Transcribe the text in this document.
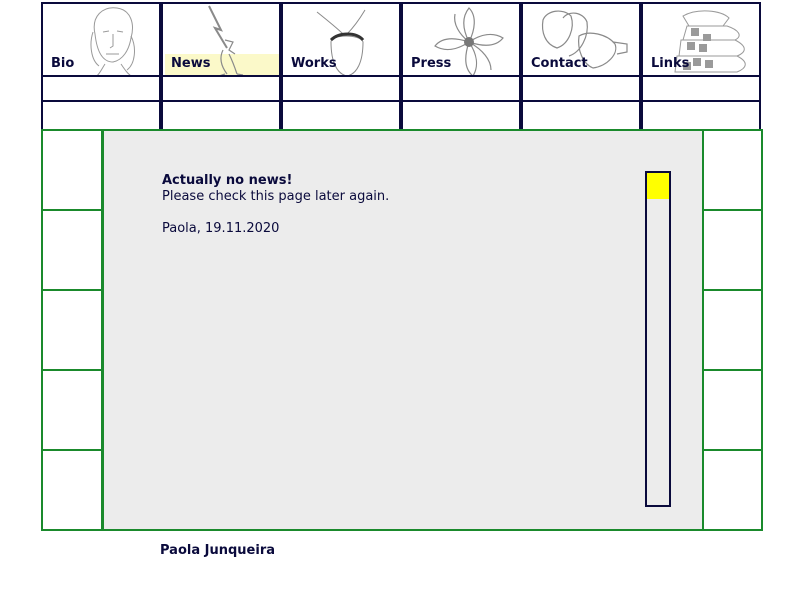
Bio	News	Works	Press	Contact	Links
Actually no news!
Please check this page later again.
Paola, 19.11.2020
Paola Junqueira
